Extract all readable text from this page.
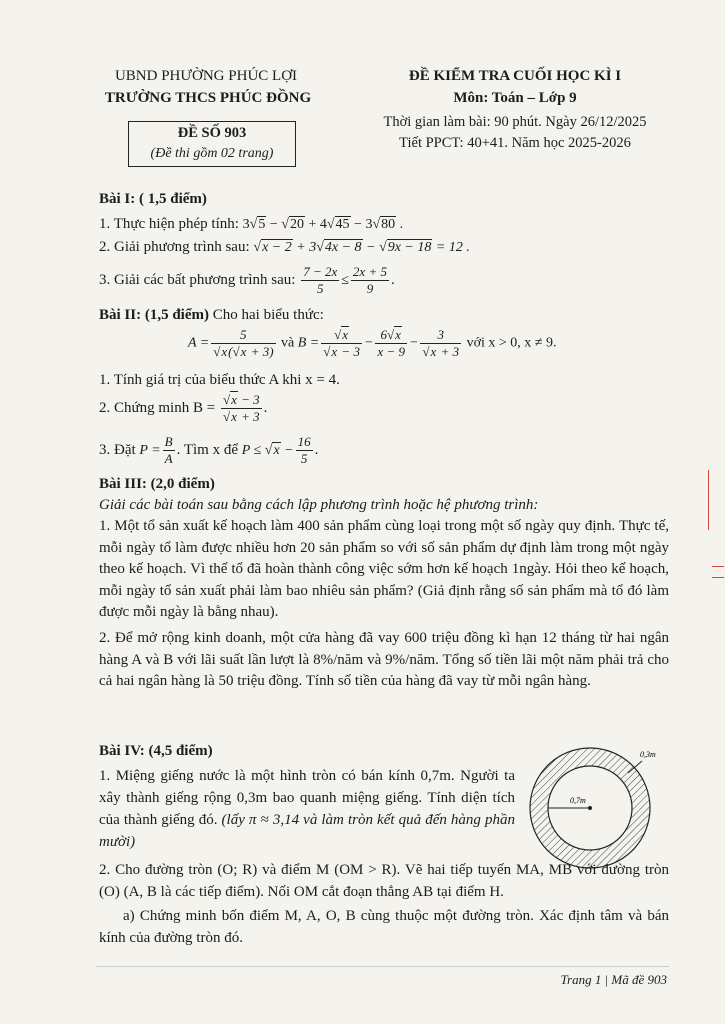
UBND PHƯỜNG PHÚC LỢI
TRƯỜNG THCS PHÚC ĐỒNG
ĐỀ SỐ 903
(Đề thi gồm 02 trang)
ĐỀ KIỂM TRA CUỐI HỌC KÌ I
Môn: Toán – Lớp 9
Thời gian làm bài: 90 phút. Ngày 26/12/2025
Tiết PPCT: 40+41. Năm học 2025-2026
Bài I: ( 1,5 điểm)
1. Thực hiện phép tính: 3√5 − √20 + 4√45 − 3√80 .
2. Giải phương trình sau: √x − 2 + 3√4x − 8 − √9x − 18 = 12 .
3. Giải các bất phương trình sau: $\frac{7 - 2x}{5} \le \frac{2x + 5}{9}$ .
Bài II: (1,5 điểm) Cho hai biểu thức:
$A = \frac{5}{√x(√x + 3)}$ và $B = \frac{√x}{√x - 3} - \frac{6√x}{x - 9} - \frac{3}{√x + 3}$ với x > 0, x ≠ 9.
1. Tính giá trị của biểu thức A khi x = 4.
2. Chứng minh $B = \frac{√x - 3}{√x + 3}$ .
3. Đặt $P = \frac{B}{A}$ . Tìm x để $P \le √x - \frac{16}{5}$ .
Bài III: (2,0 điểm)
Giải các bài toán sau bằng cách lập phương trình hoặc hệ phương trình:
1. Một tổ sản xuất kế hoạch làm 400 sản phẩm cùng loại trong một số ngày quy định. Thực tế, mỗi ngày tổ làm được nhiều hơn 20 sản phẩm so với số sản phẩm dự định làm trong một ngày theo kế hoạch. Vì thế tổ đã hoàn thành công việc sớm hơn kế hoạch 1ngày. Hỏi theo kế hoạch, mỗi ngày tổ sản xuất phải làm bao nhiêu sản phẩm? (Giả định rằng số sản phẩm mà tổ đó làm được mỗi ngày là bằng nhau).
2. Để mở rộng kinh doanh, một cửa hàng đã vay 600 triệu đồng kì hạn 12 tháng từ hai ngân hàng A và B với lãi suất lần lượt là 8%/năm và 9%/năm. Tổng số tiền lãi một năm phải trả cho cả hai ngân hàng là 50 triệu đồng. Tính số tiền của hàng đã vay từ mỗi ngân hàng.
Bài IV: (4,5 điểm)
1. Miệng giếng nước là một hình tròn có bán kính 0,7m. Người ta xây thành giếng rộng 0,3m bao quanh miệng giếng. Tính diện tích của thành giếng đó. (lấy π ≈ 3,14 và làm tròn kết quả đến hàng phần mười)
0,7m
0,3m
2. Cho đường tròn (O; R) và điểm M (OM > R). Vẽ hai tiếp tuyến MA, MB với đường tròn (O) (A, B là các tiếp điểm). Nối OM cắt đoạn thẳng AB tại điểm H.
a) Chứng minh bốn điểm M, A, O, B cùng thuộc một đường tròn. Xác định tâm và bán kính của đường tròn đó.
Trang 1 | Mã đề 903
